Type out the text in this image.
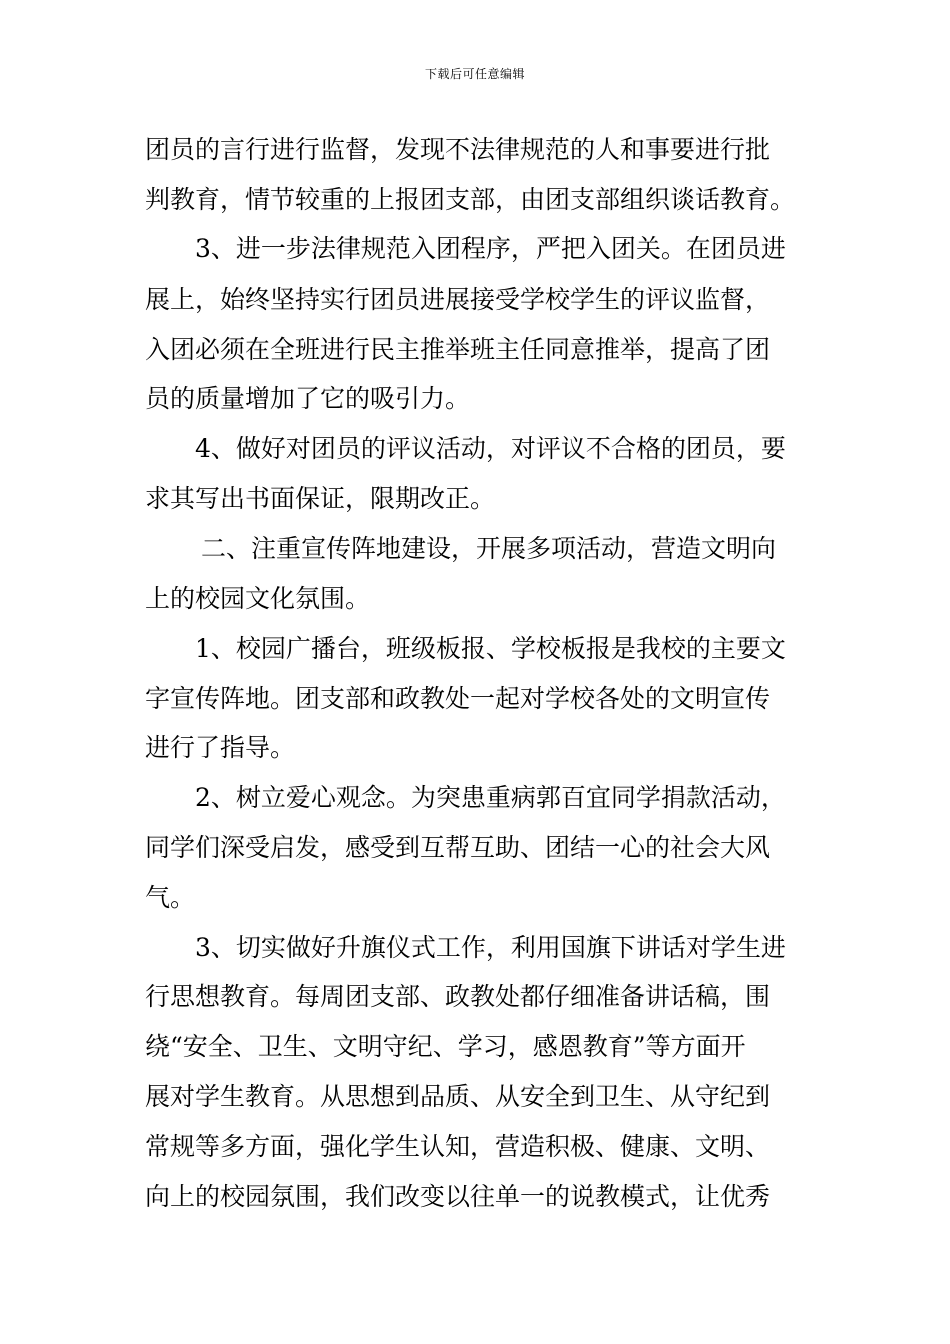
下载后可任意编辑
团员的言行进行监督，发现不法律规范的人和事要进行批
判教育，情节较重的上报团支部，由团支部组织谈话教育。
3、进一步法律规范入团程序，严把入团关。在团员进
展上，始终坚持实行团员进展接受学校学生的评议监督，
入团必须在全班进行民主推举班主任同意推举，提高了团
员的质量增加了它的吸引力。
4、做好对团员的评议活动，对评议不合格的团员，要
求其写出书面保证，限期改正。
二、注重宣传阵地建设，开展多项活动，营造文明向
上的校园文化氛围。
1、校园广播台，班级板报、学校板报是我校的主要文
字宣传阵地。团支部和政教处一起对学校各处的文明宣传
进行了指导。
2、树立爱心观念。为突患重病郭百宜同学捐款活动，
同学们深受启发，感受到互帮互助、团结一心的社会大风
气。
3、切实做好升旗仪式工作，利用国旗下讲话对学生进
行思想教育。每周团支部、政教处都仔细准备讲话稿，围
绕“安全、卫生、文明守纪、学习，感恩教育”等方面开
展对学生教育。从思想到品质、从安全到卫生、从守纪到
常规等多方面，强化学生认知，营造积极、健康、文明、
向上的校园氛围，我们改变以往单一的说教模式，让优秀
